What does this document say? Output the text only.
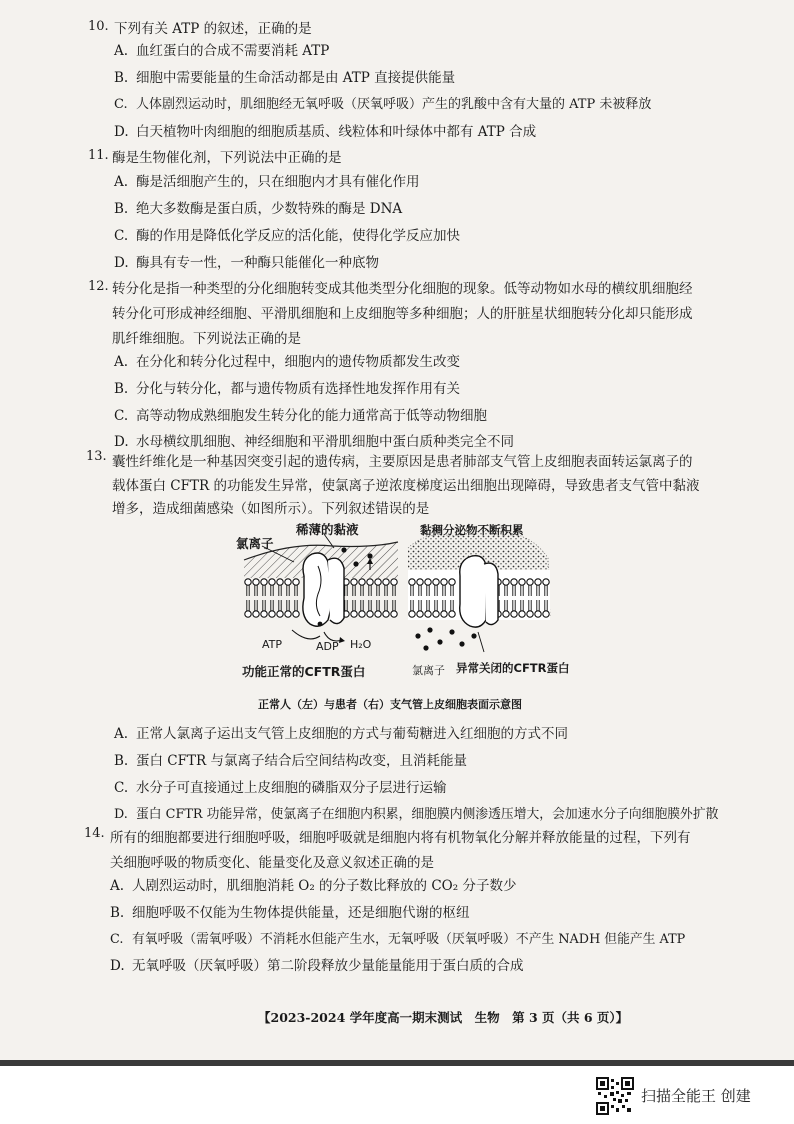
10. 下列有关 ATP 的叙述，正确的是
A. 血红蛋白的合成不需要消耗 ATP
B. 细胞中需要能量的生命活动都是由 ATP 直接提供能量
C. 人体剧烈运动时，肌细胞经无氧呼吸（厌氧呼吸）产生的乳酸中含有大量的 ATP 未被释放
D. 白天植物叶肉细胞的细胞质基质、线粒体和叶绿体中都有 ATP 合成
11. 酶是生物催化剂，下列说法中正确的是
A. 酶是活细胞产生的，只在细胞内才具有催化作用
B. 绝大多数酶是蛋白质，少数特殊的酶是 DNA
C. 酶的作用是降低化学反应的活化能，使得化学反应加快
D. 酶具有专一性，一种酶只能催化一种底物
12. 转分化是指一种类型的分化细胞转变成其他类型分化细胞的现象。低等动物如水母的横纹肌细胞经
转分化可形成神经细胞、平滑肌细胞和上皮细胞等多种细胞；人的肝脏星状细胞转分化却只能形成
肌纤维细胞。下列说法正确的是
A. 在分化和转分化过程中，细胞内的遗传物质都发生改变
B. 分化与转分化，都与遗传物质有选择性地发挥作用有关
C. 高等动物成熟细胞发生转分化的能力通常高于低等动物细胞
D. 水母横纹肌细胞、神经细胞和平滑肌细胞中蛋白质种类完全不同
13. 囊性纤维化是一种基因突变引起的遗传病，主要原因是患者肺部支气管上皮细胞表面转运氯离子的
载体蛋白 CFTR 的功能发生异常，使氯离子逆浓度梯度运出细胞出现障碍，导致患者支气管中黏液
增多，造成细菌感染（如图所示）。下列叙述错误的是
氯离子
稀薄的黏液	黏稠分泌物不断积累
ATP	ADP H₂O
功能正常的CFTR蛋白	氯离子 异常关闭的CFTR蛋白
正常人（左）与患者（右）支气管上皮细胞表面示意图
A. 正常人氯离子运出支气管上皮细胞的方式与葡萄糖进入红细胞的方式不同
B. 蛋白 CFTR 与氯离子结合后空间结构改变，且消耗能量
C. 水分子可直接通过上皮细胞的磷脂双分子层进行运输
D. 蛋白 CFTR 功能异常，使氯离子在细胞内积累，细胞膜内侧渗透压增大，会加速水分子向细胞膜外扩散
14. 所有的细胞都要进行细胞呼吸，细胞呼吸就是细胞内将有机物氧化分解并释放能量的过程，下列有
关细胞呼吸的物质变化、能量变化及意义叙述正确的是
A. 人剧烈运动时，肌细胞消耗 O₂ 的分子数比释放的 CO₂ 分子数少
B. 细胞呼吸不仅能为生物体提供能量，还是细胞代谢的枢纽
C. 有氧呼吸（需氧呼吸）不消耗水但能产生水，无氧呼吸（厌氧呼吸）不产生 NADH 但能产生 ATP
D. 无氧呼吸（厌氧呼吸）第二阶段释放少量能量能用于蛋白质的合成
【2023-2024 学年度高一期末测试　生物　第 3 页（共 6 页）】
扫描全能王 创建
